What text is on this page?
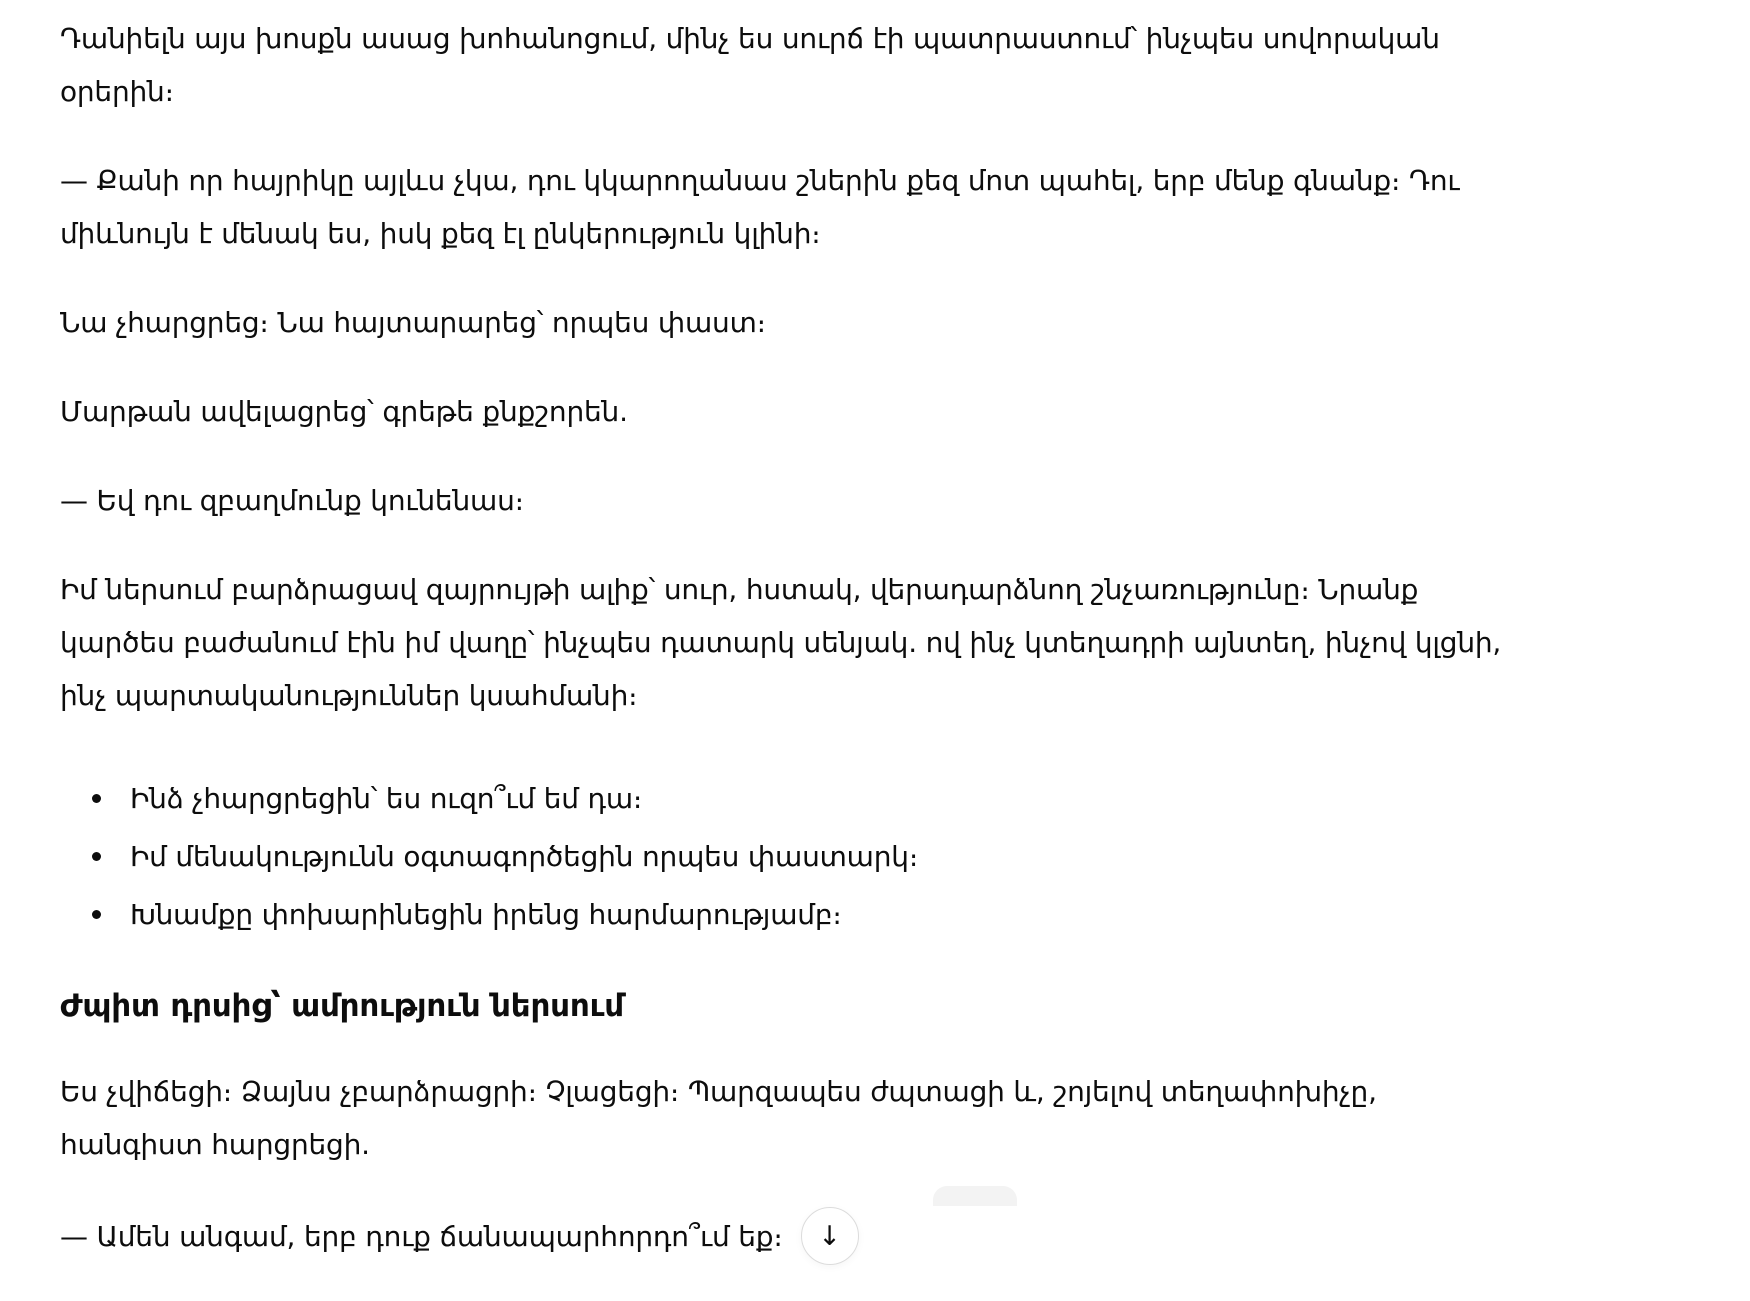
Դանիելն այս խոսքն ասաց խոհանոցում, մինչ ես սուրճ էի պատրաստում՝ ինչպես սովորական օրերին։

— Քանի որ հայրիկը այլևս չկա, դու կկարողանաս շներին քեզ մոտ պահել, երբ մենք գնանք։ Դու միևնույն է մենակ ես, իսկ քեզ էլ ընկերություն կլինի։

Նա չհարցրեց։ Նա հայտարարեց՝ որպես փաստ։

Մարթան ավելացրեց՝ գրեթե քնքշորեն.

— Եվ դու զբաղմունք կունենաս։

Իմ ներսում բարձրացավ զայրույթի ալիք՝ սուր, հստակ, վերադարձնող շնչառությունը։ Նրանք կարծես բաժանում էին իմ վաղը՝ ինչպես դատարկ սենյակ. ով ինչ կտեղադրի այնտեղ, ինչով կլցնի, ինչ պարտականություններ կսահմանի։

Ինձ չհարցրեցին՝ ես ուզո՞ւմ եմ դա։
Իմ մենակությունն օգտագործեցին որպես փաստարկ։
Խնամքը փոխարինեցին իրենց հարմարությամբ։
Ժպիտ դրսից՝ ամրություն ներսում

Ես չվիճեցի։ Ձայնս չբարձրացրի։ Չլացեցի։ Պարզապես ժպտացի և, շոյելով տեղափոխիչը, հանգիստ հարցրեցի.

— Ամեն անգամ, երբ դուք ճանապարհորդո՞ւմ եք։ ↓
